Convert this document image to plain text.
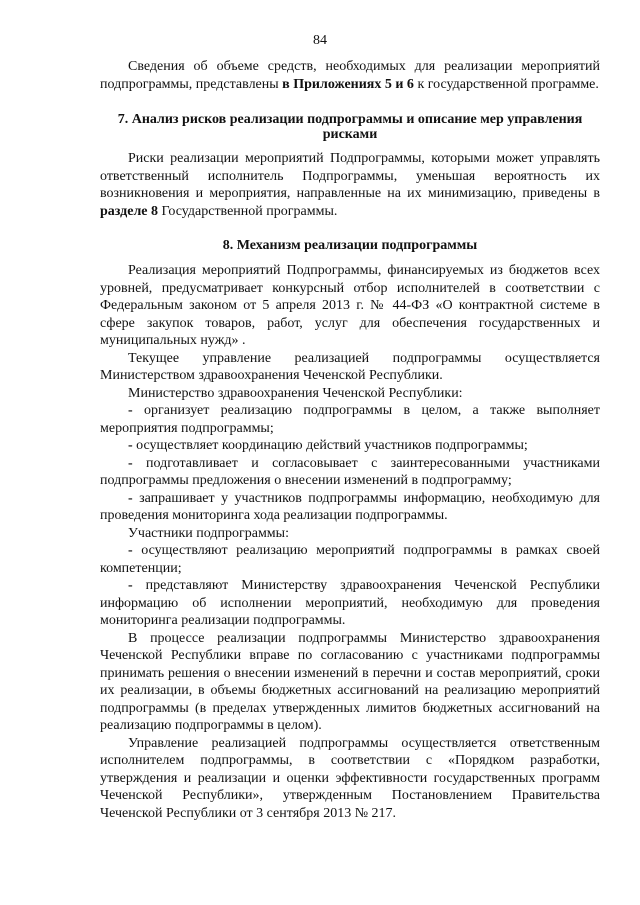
84

Сведения об объеме средств, необходимых для реализации мероприятий подпрограммы, представлены в Приложениях 5 и 6 к государственной программе.

7. Анализ рисков реализации подпрограммы и описание мер управления рисками

Риски реализации мероприятий Подпрограммы, которыми может управлять ответственный исполнитель Подпрограммы, уменьшая вероятность их возникновения и мероприятия, направленные на их минимизацию, приведены в разделе 8 Государственной программы.

8. Механизм реализации подпрограммы

Реализация мероприятий Подпрограммы, финансируемых из бюджетов всех уровней, предусматривает конкурсный отбор исполнителей в соответствии с Федеральным законом от 5 апреля 2013 г. № 44-ФЗ «О контрактной системе в сфере закупок товаров, работ, услуг для обеспечения государственных и муниципальных нужд» .

Текущее управление реализацией подпрограммы осуществляется Министерством здравоохранения Чеченской Республики.

Министерство здравоохранения Чеченской Республики:

- организует реализацию подпрограммы в целом, а также выполняет мероприятия подпрограммы;

- осуществляет координацию действий участников подпрограммы;

- подготавливает и согласовывает с заинтересованными участниками подпрограммы предложения о внесении изменений в подпрограмму;

- запрашивает у участников подпрограммы информацию, необходимую для проведения мониторинга хода реализации подпрограммы.

Участники подпрограммы:

- осуществляют реализацию мероприятий подпрограммы в рамках своей компетенции;

- представляют Министерству здравоохранения Чеченской Республики информацию об исполнении мероприятий, необходимую для проведения мониторинга реализации подпрограммы.

В процессе реализации подпрограммы Министерство здравоохранения Чеченской Республики вправе по согласованию с участниками подпрограммы принимать решения о внесении изменений в перечни и состав мероприятий, сроки их реализации, в объемы бюджетных ассигнований на реализацию мероприятий подпрограммы (в пределах утвержденных лимитов бюджетных ассигнований на реализацию подпрограммы в целом).

Управление реализацией подпрограммы осуществляется ответственным исполнителем подпрограммы, в соответствии с «Порядком разработки, утверждения и реализации и оценки эффективности государственных программ Чеченской Республики», утвержденным Постановлением Правительства Чеченской Республики от 3 сентября 2013 № 217.
